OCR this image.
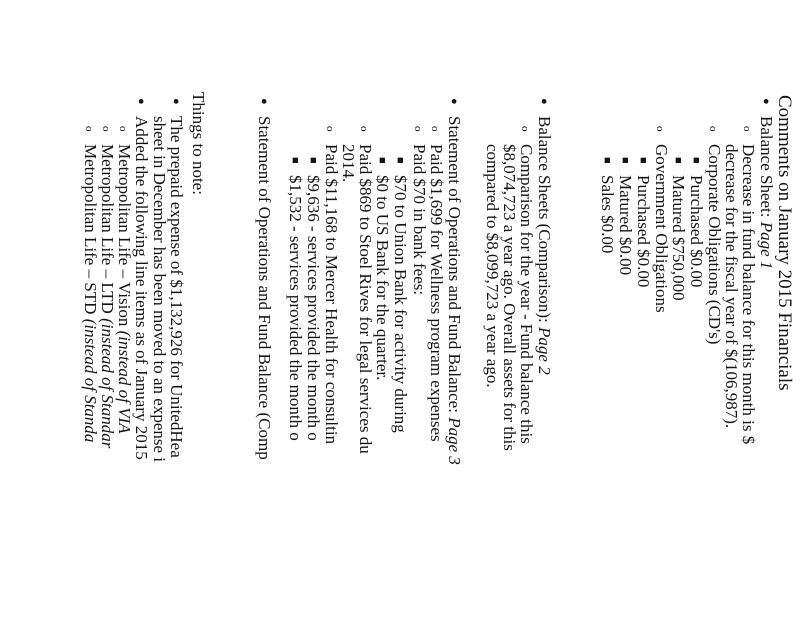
Comments on January 2015 Financials
●
Balance Sheet: Page 1
o
Decrease in fund balance for this month is $
decrease for the fiscal year of $(106,987).
o
Corporate Obligations (CD's)
■
Purchased $0.00
■
Matured $750,000
o
Government Obligations
■
Purchased $0.00
■
Matured $0.00
■
Sales $0.00
●
Balance Sheets (Comparison): Page 2
o
Comparison for the year - Fund balance this
$8,074,723 a year ago. Overall assets for this
compared to $8,099,723 a year ago.
●
Statement of Operations and Fund Balance: Page 3
o
Paid $1,699 for Wellness program expenses
o
Paid $70 in bank fees:
■
$70 to Union Bank for activity during
■
$0 to US Bank for the quarter.
o
Paid $869 to Stoel Rives for legal services du
2014.
o
Paid $11,168 to Mercer Health for consultin
■
$9,636 - services provided the month o
■
$1,532 - services provided the month o
●
Statement of Operations and Fund Balance (Comp
Things to note:
●
The prepaid expense of $1,132,926 for UnitedHea
sheet in December has been moved to an expense i
●
Added the following line items as of January 2015
o
Metropolitan Life – Vision (instead of VIA
o
Metropolitan Life – LTD (instead of Standar
o
Metropolitan Life – STD (instead of Standa
